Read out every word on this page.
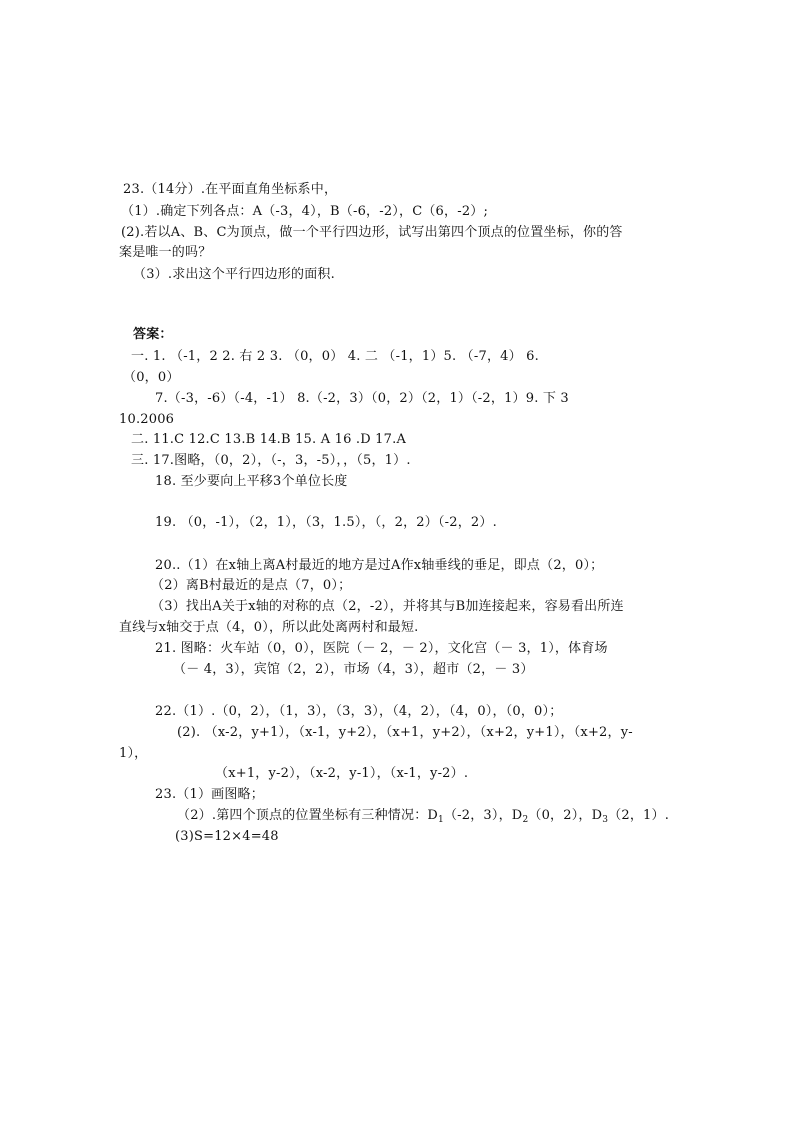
23.（14分）.在平面直角坐标系中，
（1）.确定下列各点：A（-3，4），B（-6，-2），C（6，-2）;
(2).若以A、B、C为顶点，做一个平行四边形，试写出第四个顶点的位置坐标，你的答
案是唯一的吗？
（3）.求出这个平行四边形的面积.
答案：
一. 1. （-1，2 2. 右 2 3. （0，0） 4. 二 （-1，1）5. （-7，4） 6.
（0，0）
7.（-3，-6）（-4，-1） 8.（-2，3）（0，2）（2，1）（-2，1）9. 下 3
10.2006
二. 11.C 12.C 13.B 14.B 15. A 16 .D 17.A
三. 17.图略，（0，2），（-，3，-5），，（5，1）.
18. 至少要向上平移3个单位长度
19. （0，-1），（2，1），（3，1.5），（，2，2）（-2，2）.
20..（1）在x轴上离A村最近的地方是过A作x轴垂线的垂足，即点（2，0）；
（2）离B村最近的是点（7，0）；
（3）找出A关于x轴的对称的点（2，-2），并将其与B加连接起来，容易看出所连
直线与x轴交于点（4，0），所以此处离两村和最短.
21. 图略：火车站（0，0），医院（－ 2，－ 2），文化宫（－ 3，1），体育场
（－ 4，3），宾馆（2，2），市场（4，3），超市（2，－ 3）
22.（1）.（0，2），（1，3），（3，3），（4，2），（4，0），（0，0）；
(2). （x-2，y+1），（x-1，y+2），（x+1，y+2），（x+2，y+1），（x+2，y-
1），
（x+1，y-2），（x-2，y-1），（x-1，y-2）.
23.（1）画图略；
（2）.第四个顶点的位置坐标有三种情况：$D_1(-2$，3），$D_2(0$，2），$D_3(2$，1）.
(3)S=12×4=48
